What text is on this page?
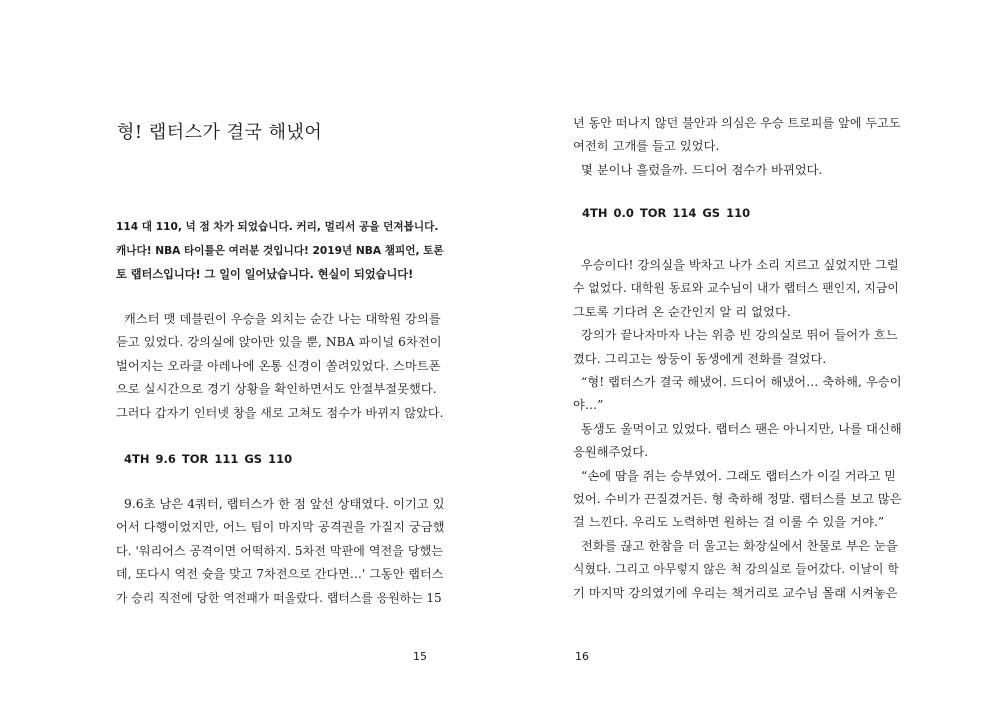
형! 랩터스가 결국 해냈어
114 대 110, 넉 점 차가 되었습니다. 커리, 멀리서 공을 던져봅니다.
캐나다! NBA 타이틀은 여러분 것입니다! 2019년 NBA 챔피언, 토론
토 랩터스입니다! 그 일이 일어났습니다. 현실이 되었습니다!
캐스터 맷 데블린이 우승을 외치는 순간 나는 대학원 강의를
듣고 있었다. 강의실에 앉아만 있을 뿐, NBA 파이널 6차전이
벌어지는 오라클 아레나에 온통 신경이 쏠려있었다. 스마트폰
으로 실시간으로 경기 상황을 확인하면서도 안절부절못했다.
그러다 갑자기 인터넷 창을 새로 고쳐도 점수가 바뀌지 않았다.

4TH 9.6 TOR 111 GS 110

9.6초 남은 4쿼터, 랩터스가 한 점 앞선 상태였다. 이기고 있
어서 다행이었지만, 어느 팀이 마지막 공격권을 가질지 궁금했
다. '워리어스 공격이면 어떡하지. 5차전 막판에 역전을 당했는
데, 또다시 역전 슛을 맞고 7차전으로 간다면…' 그동안 랩터스
가 승리 직전에 당한 역전패가 떠올랐다. 랩터스를 응원하는 15

15

년 동안 떠나지 않던 불안과 의심은 우승 트로피를 앞에 두고도
여전히 고개를 들고 있었다.
몇 분이나 흘렀을까. 드디어 점수가 바뀌었다.

4TH 0.0 TOR 114 GS 110

우승이다! 강의실을 박차고 나가 소리 지르고 싶었지만 그럴
수 없었다. 대학원 동료와 교수님이 내가 랩터스 팬인지, 지금이
그토록 기다려 온 순간인지 알 리 없었다.
강의가 끝나자마자 나는 위층 빈 강의실로 뛰어 들어가 흐느
꼈다. 그리고는 쌍둥이 동생에게 전화를 걸었다.
“형! 랩터스가 결국 해냈어. 드디어 해냈어… 축하해, 우승이
야…”
동생도 울먹이고 있었다. 랩터스 팬은 아니지만, 나를 대신해
응원해주었다.
“손에 땀을 쥐는 승부였어. 그래도 랩터스가 이길 거라고 믿
었어. 수비가 끈질겼거든. 형 축하해 정말. 랩터스를 보고 많은
걸 느낀다. 우리도 노력하면 원하는 걸 이룰 수 있을 거야.”
전화를 끊고 한참을 더 울고는 화장실에서 찬물로 부은 눈을
식혔다. 그리고 아무렇지 않은 척 강의실로 들어갔다. 이날이 학
기 마지막 강의였기에 우리는 책거리로 교수님 몰래 시켜놓은

16
